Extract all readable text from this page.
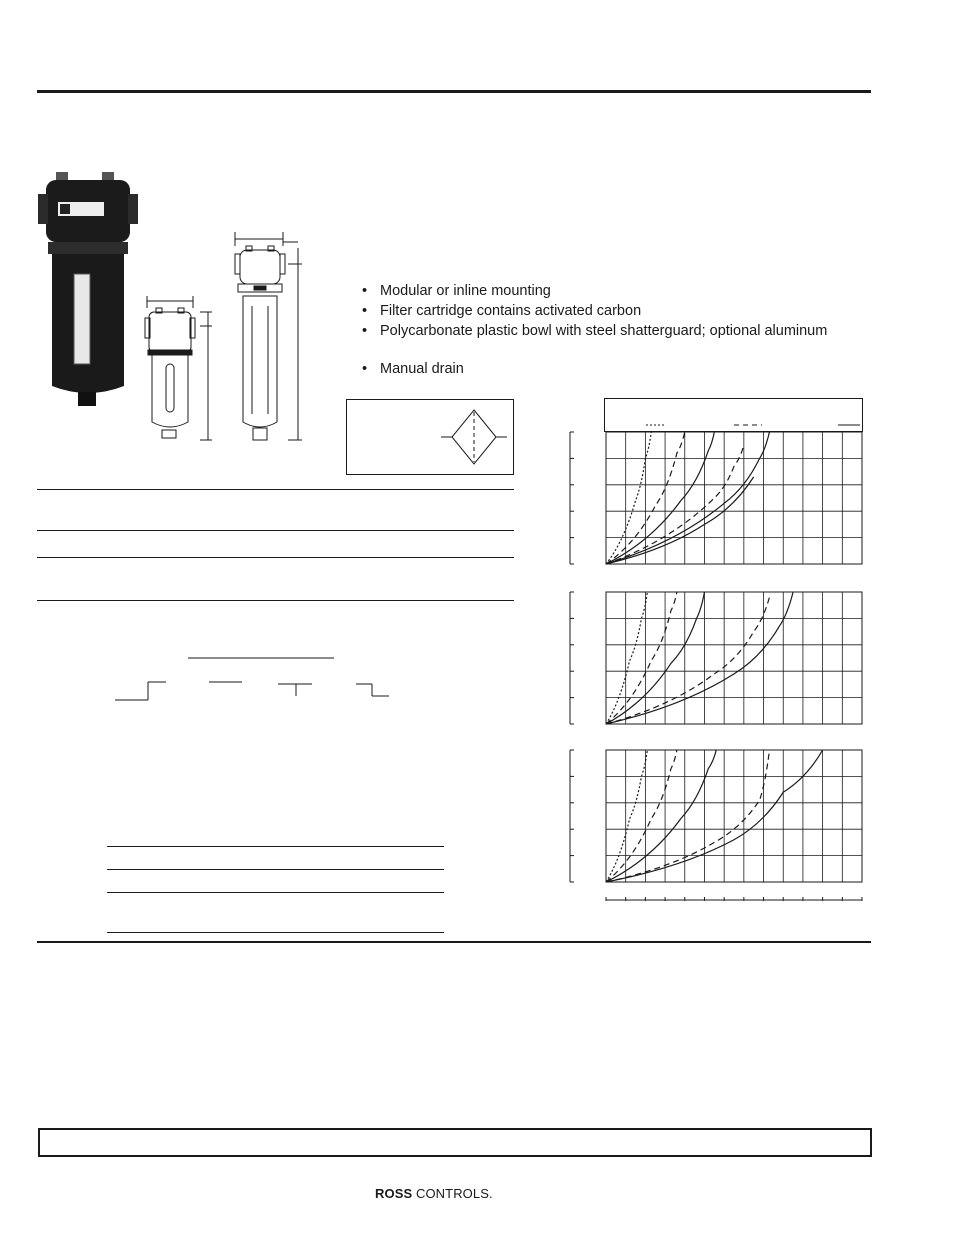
• Modular or inline mounting
• Filter cartridge contains activated carbon
• Polycarbonate plastic bowl with steel shatterguard; optional aluminum
• Manual drain
ROSS CONTROLS.
